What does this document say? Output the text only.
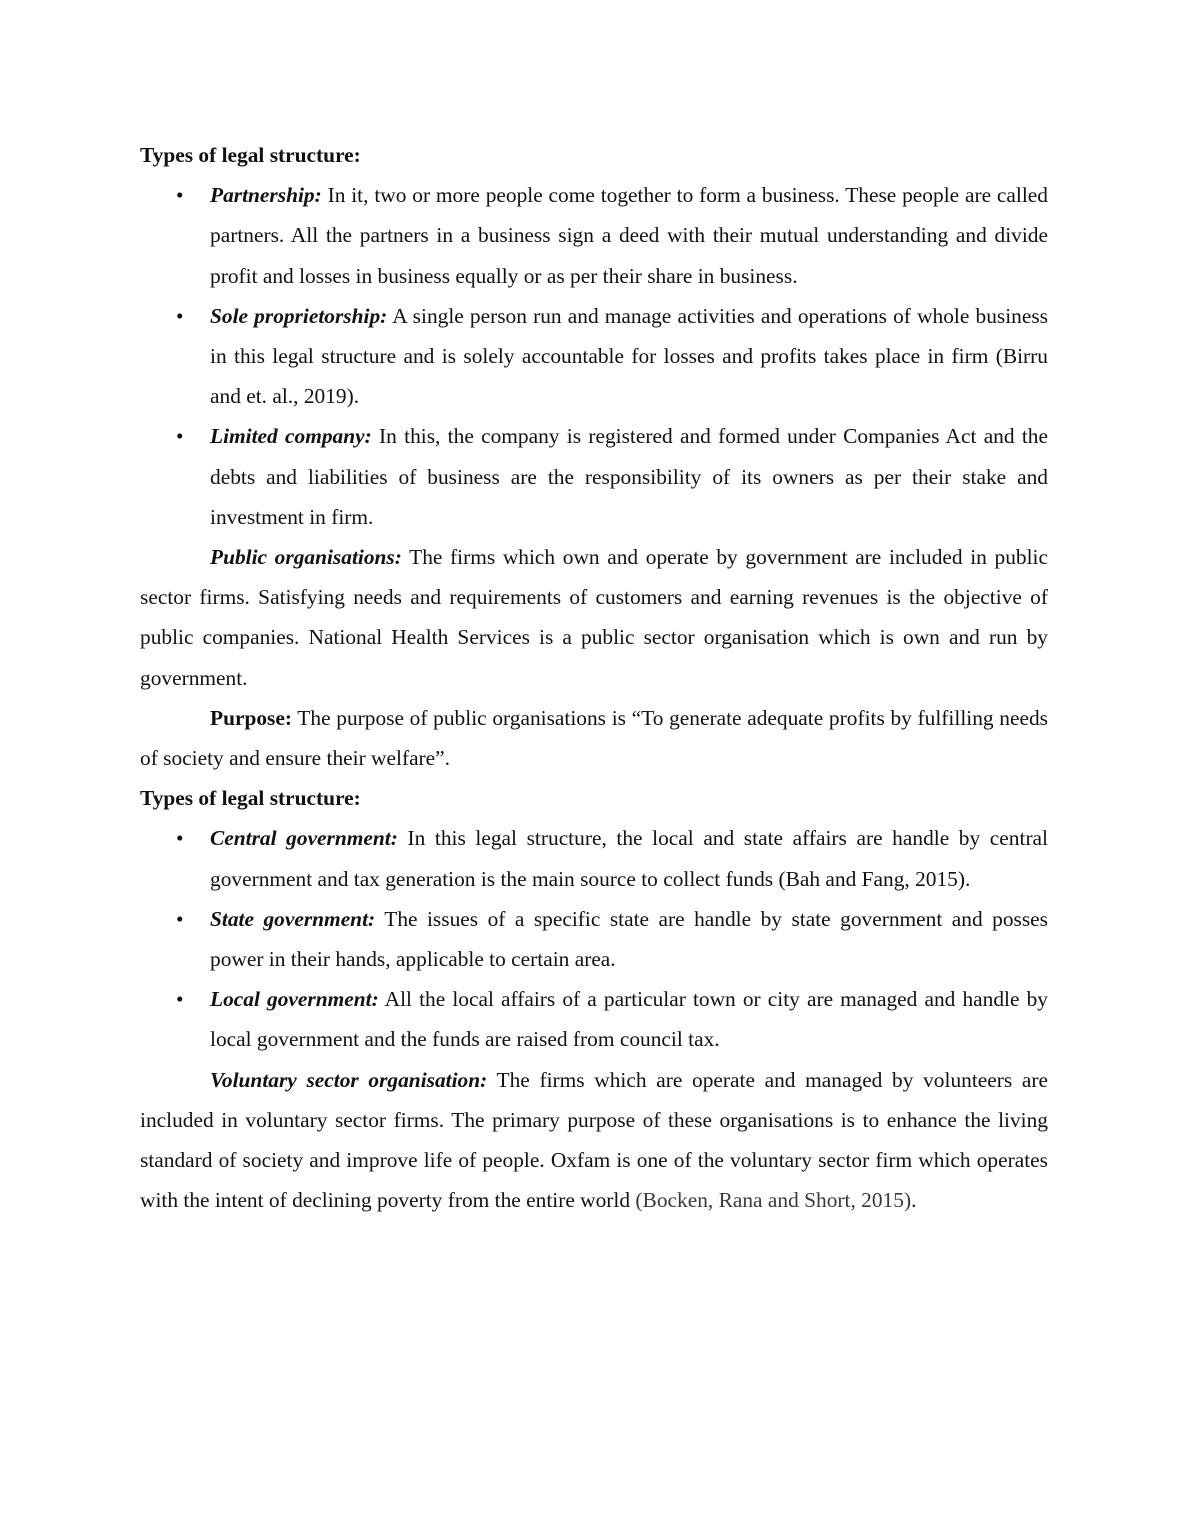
Types of legal structure:

• Partnership: In it, two or more people come together to form a business. These people are called partners. All the partners in a business sign a deed with their mutual understanding and divide profit and losses in business equally or as per their share in business.
• Sole proprietorship: A single person run and manage activities and operations of whole business in this legal structure and is solely accountable for losses and profits takes place in firm (Birru and et. al., 2019).
• Limited company: In this, the company is registered and formed under Companies Act and the debts and liabilities of business are the responsibility of its owners as per their stake and investment in firm.

Public organisations: The firms which own and operate by government are included in public sector firms. Satisfying needs and requirements of customers and earning revenues is the objective of public companies. National Health Services is a public sector organisation which is own and run by government.

Purpose: The purpose of public organisations is “To generate adequate profits by fulfilling needs of society and ensure their welfare”.

Types of legal structure:

• Central government: In this legal structure, the local and state affairs are handle by central government and tax generation is the main source to collect funds (Bah and Fang, 2015).
• State government: The issues of a specific state are handle by state government and posses power in their hands, applicable to certain area.
• Local government: All the local affairs of a particular town or city are managed and handle by local government and the funds are raised from council tax.

Voluntary sector organisation: The firms which are operate and managed by volunteers are included in voluntary sector firms. The primary purpose of these organisations is to enhance the living standard of society and improve life of people. Oxfam is one of the voluntary sector firm which operates with the intent of declining poverty from the entire world (Bocken, Rana and Short, 2015).
